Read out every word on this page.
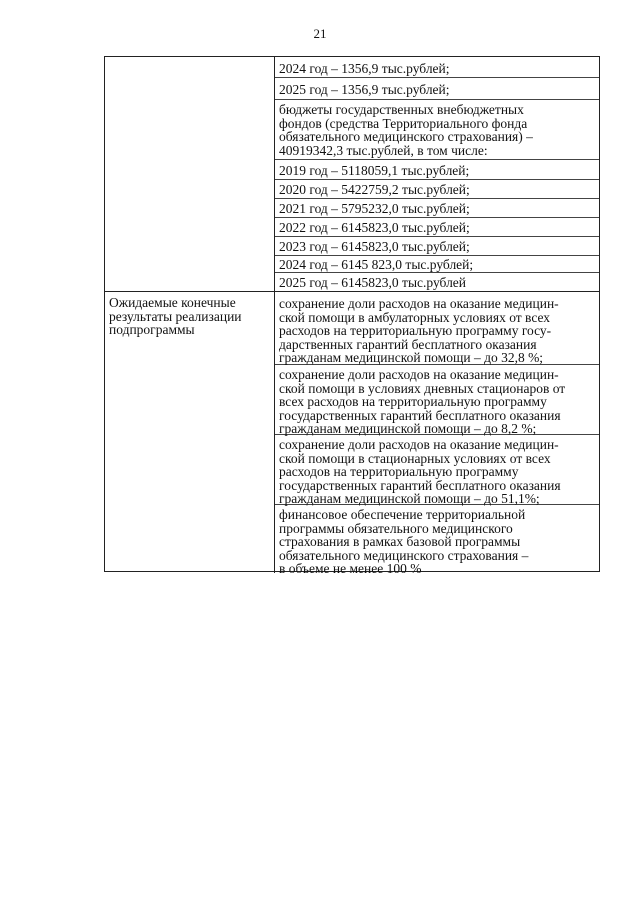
21
2024 год – 1356,9 тыс.рублей;
2025 год – 1356,9 тыс.рублей;
бюджеты государственных внебюджетных
фондов (средства Территориального фонда
обязательного медицинского страхования) –
40919342,3 тыс.рублей, в том числе:
2019 год – 5118059,1 тыс.рублей;
2020 год – 5422759,2 тыс.рублей;
2021 год – 5795232,0 тыс.рублей;
2022 год – 6145823,0 тыс.рублей;
2023 год – 6145823,0 тыс.рублей;
2024 год – 6145 823,0 тыс.рублей;
2025 год – 6145823,0 тыс.рублей
Ожидаемые конечные
результаты реализации
подпрограммы
сохранение доли расходов на оказание медицин-
ской помощи в амбулаторных условиях от всех
расходов на территориальную программу госу-
дарственных гарантий бесплатного оказания
гражданам медицинской помощи – до 32,8 %;
сохранение доли расходов на оказание медицин-
ской помощи в условиях дневных стационаров от
всех расходов на территориальную программу
государственных гарантий бесплатного оказания
гражданам медицинской помощи – до 8,2 %;
сохранение доли расходов на оказание медицин-
ской помощи в стационарных условиях от всех
расходов на территориальную программу
государственных гарантий бесплатного оказания
гражданам медицинской помощи – до 51,1%;
финансовое обеспечение территориальной
программы обязательного медицинского
страхования в рамках базовой программы
обязательного медицинского страхования –
в объеме не менее 100 %
